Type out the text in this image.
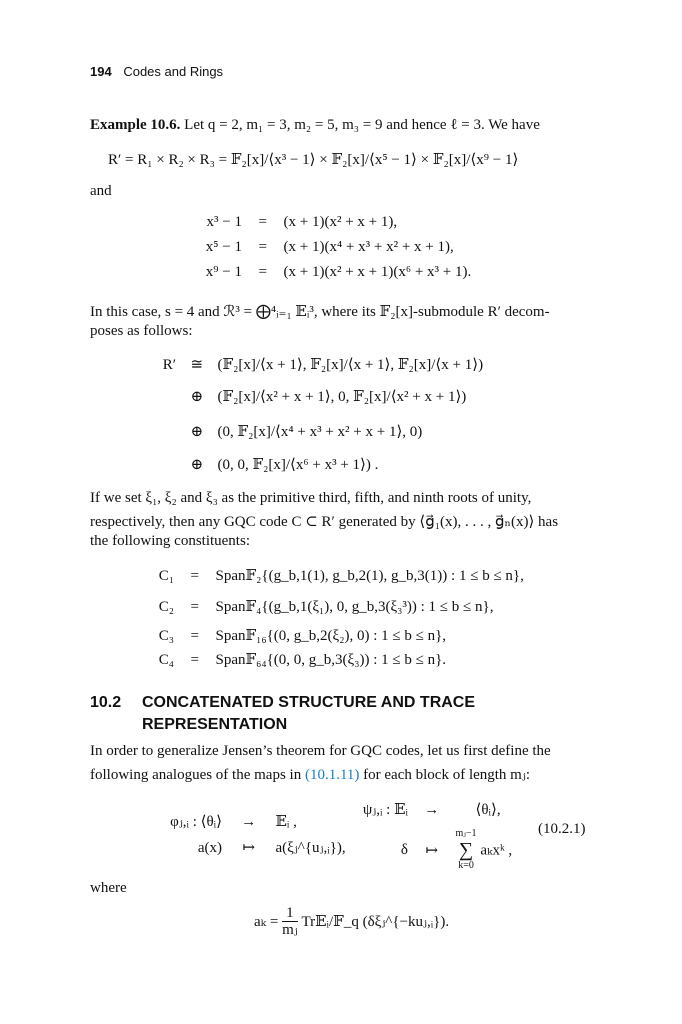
194 Codes and Rings
Example 10.6. Let q = 2, m₁ = 3, m₂ = 5, m₃ = 9 and hence ℓ = 3. We have
R′ = R₁ × R₂ × R₃ = 𝔽₂[x]/⟨x³ − 1⟩ × 𝔽₂[x]/⟨x⁵ − 1⟩ × 𝔽₂[x]/⟨x⁹ − 1⟩
and
x³ − 1 = (x + 1)(x² + x + 1),
x⁵ − 1 = (x + 1)(x⁴ + x³ + x² + x + 1),
x⁹ − 1 = (x + 1)(x² + x + 1)(x⁶ + x³ + 1).
In this case, s = 4 and ℛ³ = ⨁⁴ᵢ₌₁ 𝔼ᵢ³, where its 𝔽₂[x]-submodule R′ decom-
poses as follows:
R′ ≅ (𝔽₂[x]/⟨x + 1⟩, 𝔽₂[x]/⟨x + 1⟩, 𝔽₂[x]/⟨x + 1⟩)
⊕ (𝔽₂[x]/⟨x² + x + 1⟩, 0, 𝔽₂[x]/⟨x² + x + 1⟩)
⊕ (0, 𝔽₂[x]/⟨x⁴ + x³ + x² + x + 1⟩, 0)
⊕ (0, 0, 𝔽₂[x]/⟨x⁶ + x³ + 1⟩) .
If we set ξ₁, ξ₂ and ξ₃ as the primitive third, fifth, and ninth roots of unity,
respectively, then any GQC code C ⊂ R′ generated by ⟨g⃗₁(x), . . . , g⃗ₙ(x)⟩ has
the following constituents:
C₁ = Span𝔽₂{(g_b,1(1), g_b,2(1), g_b,3(1)) : 1 ≤ b ≤ n},
C₂ = Span𝔽₄{(g_b,1(ξ₁), 0, g_b,3(ξ₃³)) : 1 ≤ b ≤ n},
C₃ = Span𝔽₁₆{(0, g_b,2(ξ₂), 0) : 1 ≤ b ≤ n},
C₄ = Span𝔽₆₄{(0, 0, g_b,3(ξ₃)) : 1 ≤ b ≤ n}.
10.2 CONCATENATED STRUCTURE AND TRACE
REPRESENTATION
In order to generalize Jensen’s theorem for GQC codes, let us first define the
following analogues of the maps in (10.1.11) for each block of length mⱼ:
φⱼ,ᵢ : ⟨θᵢ⟩ → 𝔼ᵢ ,
a(x) ↦ a(ξⱼ^{uⱼ,ᵢ}),
ψⱼ,ᵢ : 𝔼ᵢ → ⟨θᵢ⟩,
δ ↦
mⱼ−1
∑
k=0
aₖxᵏ ,
(10.2.1)
where
$a_k = \frac{1}{\text{mⱼ}}$ Tr𝔼ᵢ/𝔽_q (δξⱼ^{−kuⱼ,ᵢ}).
